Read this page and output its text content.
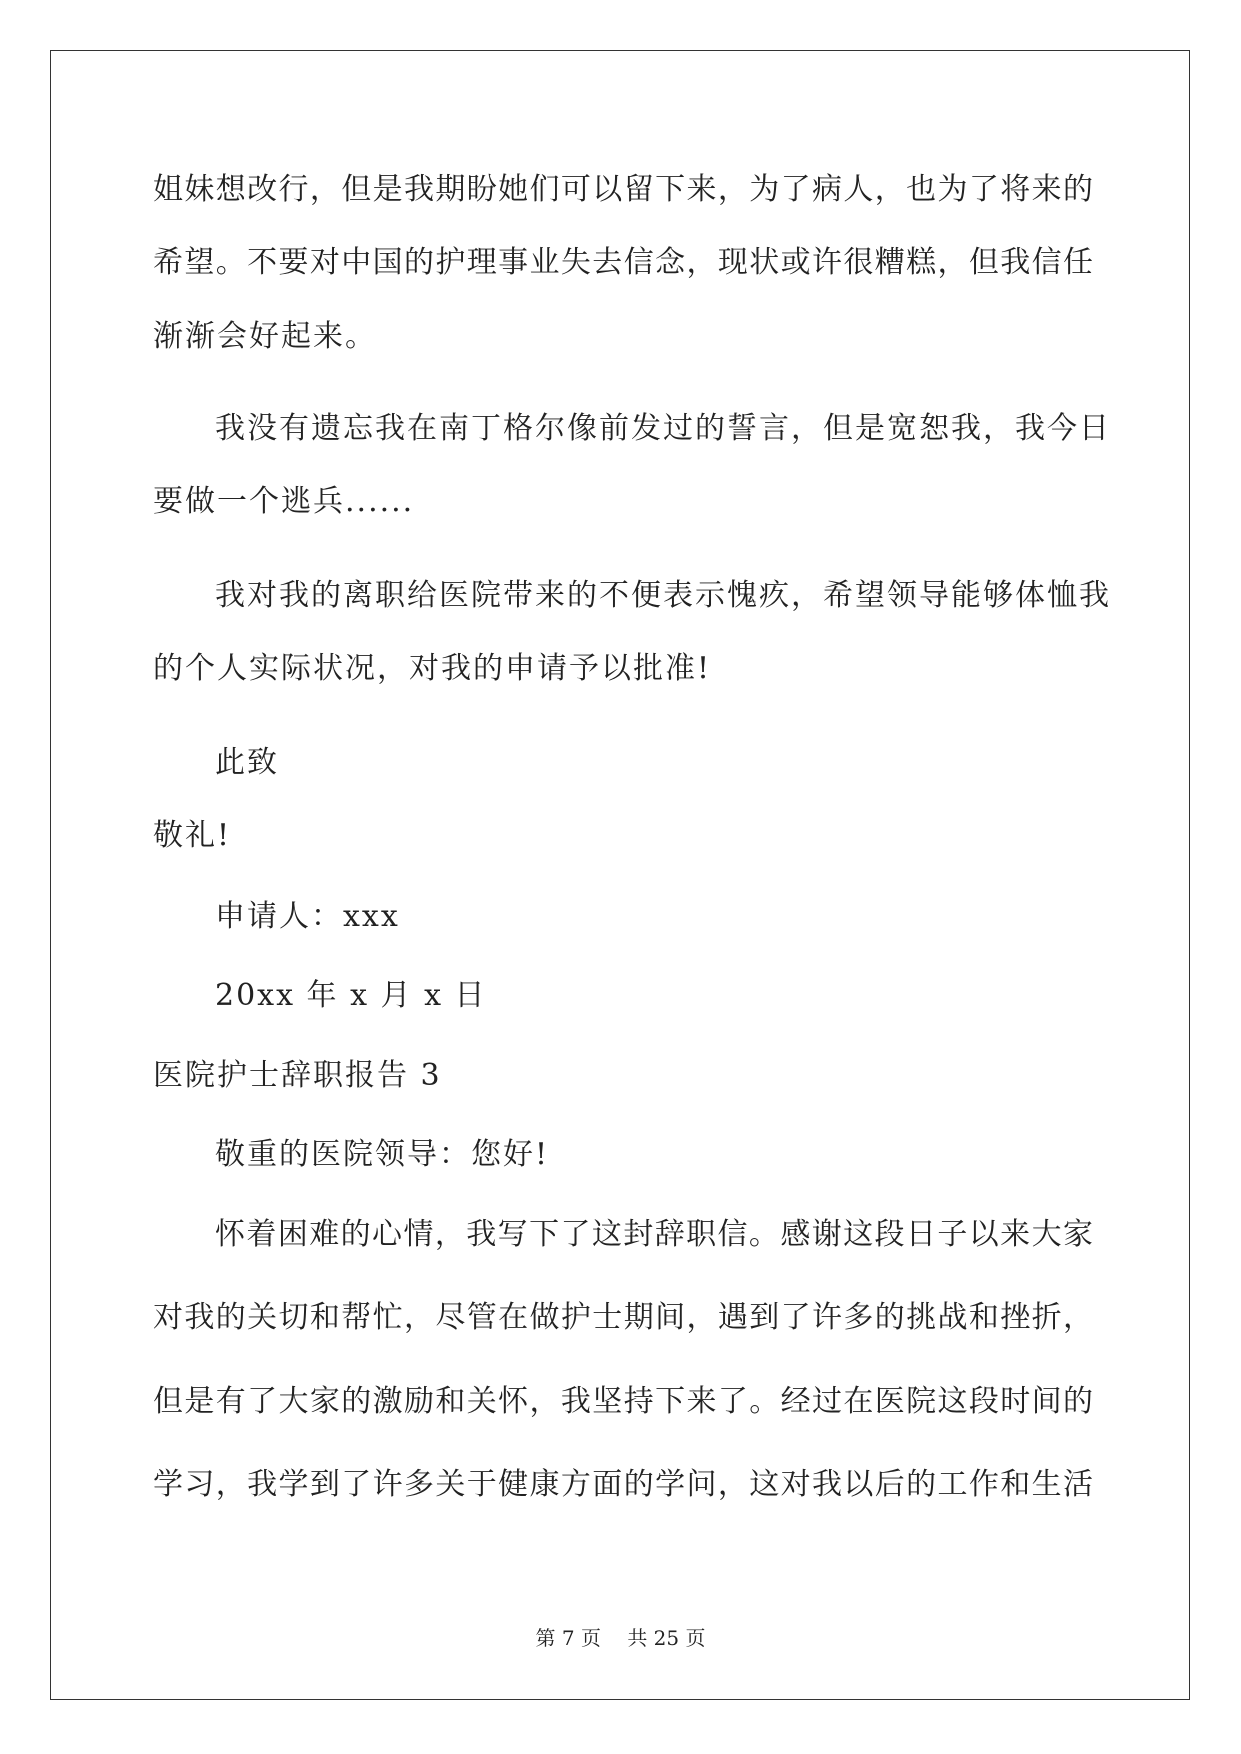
姐妹想改行，但是我期盼她们可以留下来，为了病人，也为了将来的

希望。不要对中国的护理事业失去信念，现状或许很糟糕，但我信任

渐渐会好起来。

我没有遗忘我在南丁格尔像前发过的誓言，但是宽恕我，我今日

要做一个逃兵......

我对我的离职给医院带来的不便表示愧疚，希望领导能够体恤我

的个人实际状况，对我的申请予以批准!

此致

敬礼!

申请人：xxx

20xx 年 x 月 x 日

医院护士辞职报告 3

敬重的医院领导：您好!

怀着困难的心情，我写下了这封辞职信。感谢这段日子以来大家

对我的关切和帮忙，尽管在做护士期间，遇到了许多的挑战和挫折，

但是有了大家的激励和关怀，我坚持下来了。经过在医院这段时间的

学习，我学到了许多关于健康方面的学问，这对我以后的工作和生活

第 7 页 共 25 页
